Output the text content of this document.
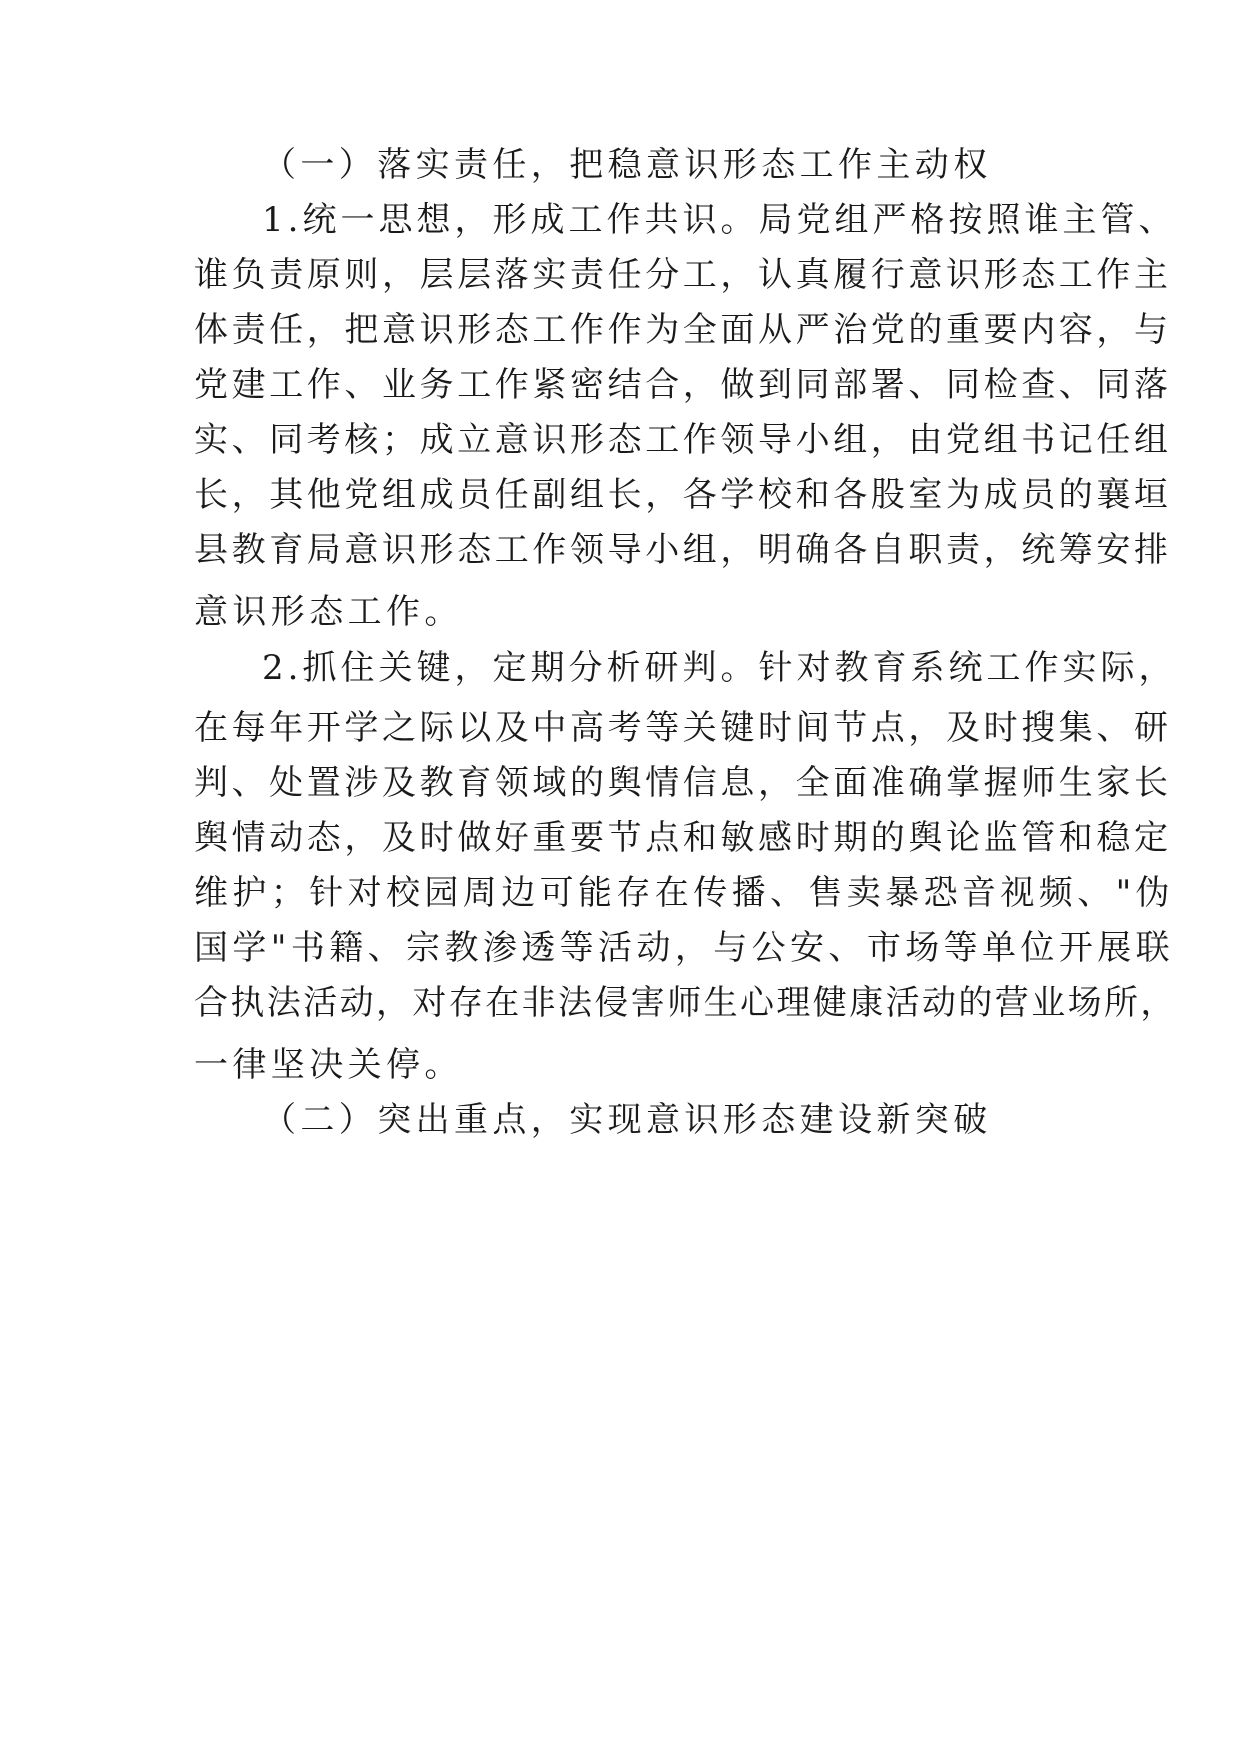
（一）落实责任，把稳意识形态工作主动权
1.统一思想，形成工作共识。局党组严格按照谁主管、
谁负责原则，层层落实责任分工，认真履行意识形态工作主
体责任，把意识形态工作作为全面从严治党的重要内容，与
党建工作、业务工作紧密结合，做到同部署、同检查、同落
实、同考核；成立意识形态工作领导小组，由党组书记任组
长，其他党组成员任副组长，各学校和各股室为成员的襄垣
县教育局意识形态工作领导小组，明确各自职责，统筹安排
意识形态工作。
2.抓住关键，定期分析研判。针对教育系统工作实际，
在每年开学之际以及中高考等关键时间节点，及时搜集、研
判、处置涉及教育领域的舆情信息，全面准确掌握师生家长
舆情动态，及时做好重要节点和敏感时期的舆论监管和稳定
维护；针对校园周边可能存在传播、售卖暴恐音视频、"伪
国学"书籍、宗教渗透等活动，与公安、市场等单位开展联
合执法活动，对存在非法侵害师生心理健康活动的营业场所，
一律坚决关停。
（二）突出重点，实现意识形态建设新突破
